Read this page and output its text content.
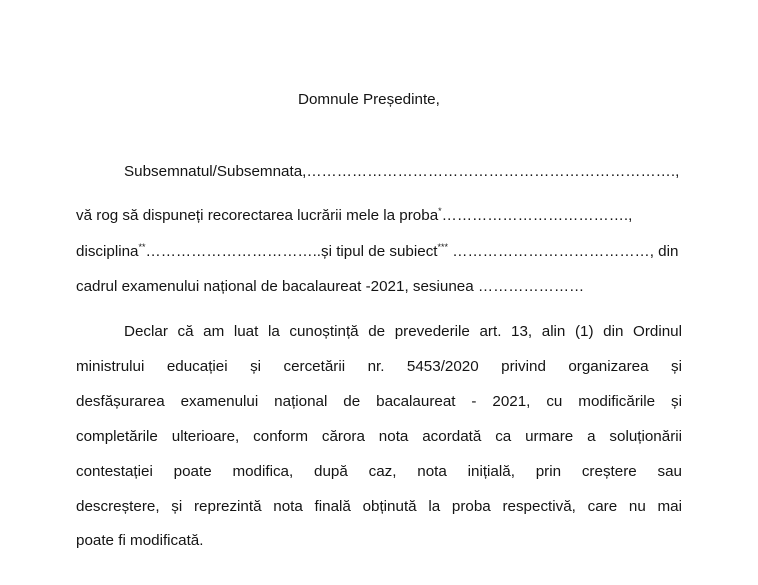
Domnule Președinte,
Subsemnatul/Subsemnata,……………………………………………………………….,
vă rog să dispuneți recorectarea lucrării mele la proba*……………………………….,
disciplina**……………………………..și tipul de subiect*** …………………………………, din
cadrul examenului național de bacalaureat -2021, sesiunea …………………
Declar că am luat la cunoștință de prevederile art. 13, alin (1) din Ordinul
ministrului educației și cercetării nr. 5453/2020 privind organizarea și
desfășurarea examenului național de bacalaureat - 2021, cu modificările și
completările ulterioare, conform cărora nota acordată ca urmare a soluționării
contestației poate modifica, după caz, nota inițială, prin creștere sau
descreștere, și reprezintă nota finală obținută la proba respectivă, care nu mai
poate fi modificată.
